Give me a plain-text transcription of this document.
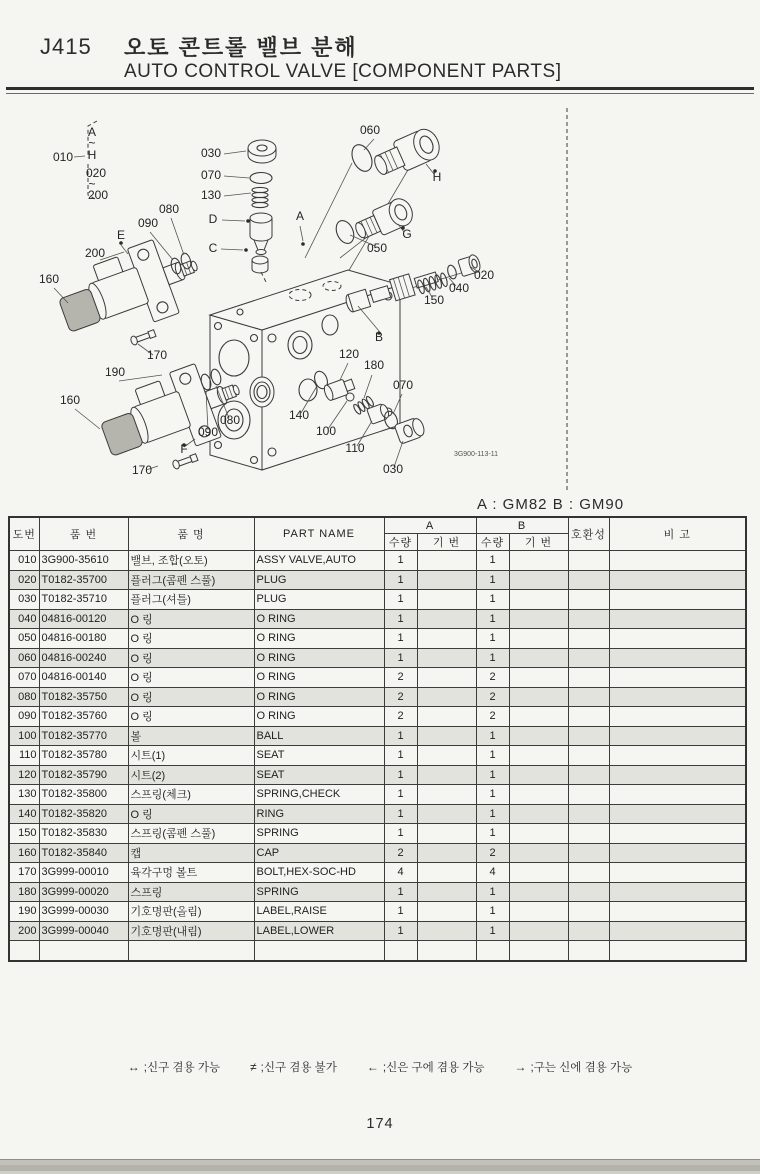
J415 오토 콘트롤 밸브 분해
AUTO CONTROL VALVE [COMPONENT PARTS]
010
A
~
H
020
~
200
030
070
130
D
C
A
060
H
G
050
020
040
150
B
E
200
090
080
160
170
190
160
F
170
090
080	140
120
180
100
110
070
030
3G900-113-11
A : GM82 B : GM90
도번	품 번	품 명	PART NAME	A		B		호환성	비 고
				수량	기 번	수량	기 번		
010	3G900-35610	밸브, 조합(오토)	ASSY VALVE,AUTO	1		1			
020	T0182-35700	플러그(콤펜 스풀)	PLUG	1		1			
030	T0182-35710	플러그(셔틀)	PLUG	1		1			
040	04816-00120	O 링	O RING	1		1			
050	04816-00180	O 링	O RING	1		1			
060	04816-00240	O 링	O RING	1		1			
070	04816-00140	O 링	O RING	2		2			
080	T0182-35750	O 링	O RING	2		2			
090	T0182-35760	O 링	O RING	2		2			
100	T0182-35770	볼	BALL	1		1			
110	T0182-35780	시트(1)	SEAT	1		1			
120	T0182-35790	시트(2)	SEAT	1		1			
130	T0182-35800	스프링(체크)	SPRING,CHECK	1		1			
140	T0182-35820	O 링	RING	1		1			
150	T0182-35830	스프링(콤펜 스풀)	SPRING	1		1			
160	T0182-35840	캡	CAP	2		2			
170	3G999-00010	육각구멍 볼트	BOLT,HEX-SOC-HD	4		4			
180	3G999-00020	스프링	SPRING	1		1			
190	3G999-00030	기호명판(올림)	LABEL,RAISE	1		1			
200	3G999-00040	기호명판(내림)	LABEL,LOWER	1		1			

↔ ;신구 겸용 가능	≠ ;신구 겸용 불가	← ;신은 구에 겸용 가능	→ ;구는 신에 겸용 가능
174
